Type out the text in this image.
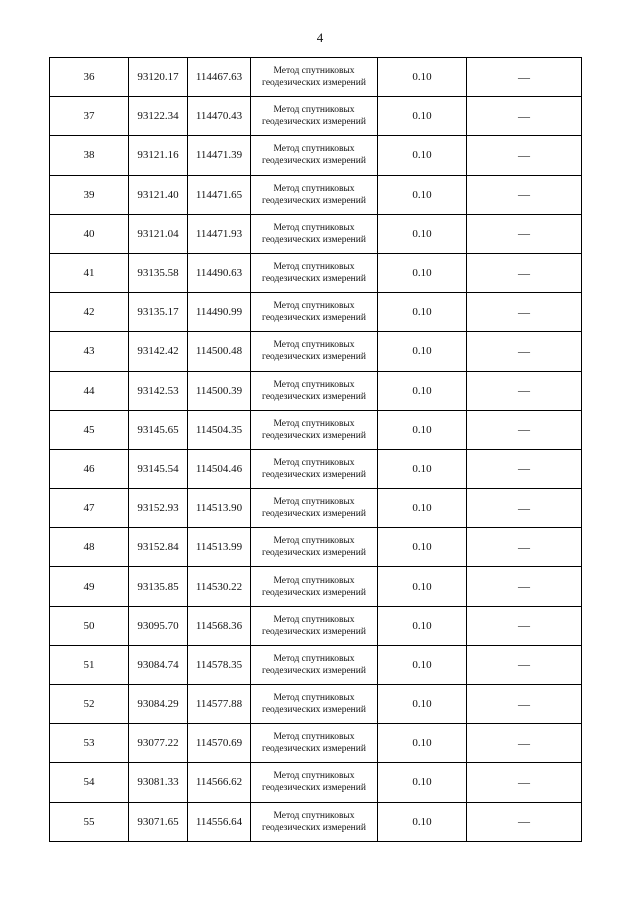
4
36	93120.17	114467.63	Метод спутниковых геодезических измерений	0.10	—
37	93122.34	114470.43	Метод спутниковых геодезических измерений	0.10	—
38	93121.16	114471.39	Метод спутниковых геодезических измерений	0.10	—
39	93121.40	114471.65	Метод спутниковых геодезических измерений	0.10	—
40	93121.04	114471.93	Метод спутниковых геодезических измерений	0.10	—
41	93135.58	114490.63	Метод спутниковых геодезических измерений	0.10	—
42	93135.17	114490.99	Метод спутниковых геодезических измерений	0.10	—
43	93142.42	114500.48	Метод спутниковых геодезических измерений	0.10	—
44	93142.53	114500.39	Метод спутниковых геодезических измерений	0.10	—
45	93145.65	114504.35	Метод спутниковых геодезических измерений	0.10	—
46	93145.54	114504.46	Метод спутниковых геодезических измерений	0.10	—
47	93152.93	114513.90	Метод спутниковых геодезических измерений	0.10	—
48	93152.84	114513.99	Метод спутниковых геодезических измерений	0.10	—
49	93135.85	114530.22	Метод спутниковых геодезических измерений	0.10	—
50	93095.70	114568.36	Метод спутниковых геодезических измерений	0.10	—
51	93084.74	114578.35	Метод спутниковых геодезических измерений	0.10	—
52	93084.29	114577.88	Метод спутниковых геодезических измерений	0.10	—
53	93077.22	114570.69	Метод спутниковых геодезических измерений	0.10	—
54	93081.33	114566.62	Метод спутниковых геодезических измерений	0.10	—
55	93071.65	114556.64	Метод спутниковых геодезических измерений	0.10	—
